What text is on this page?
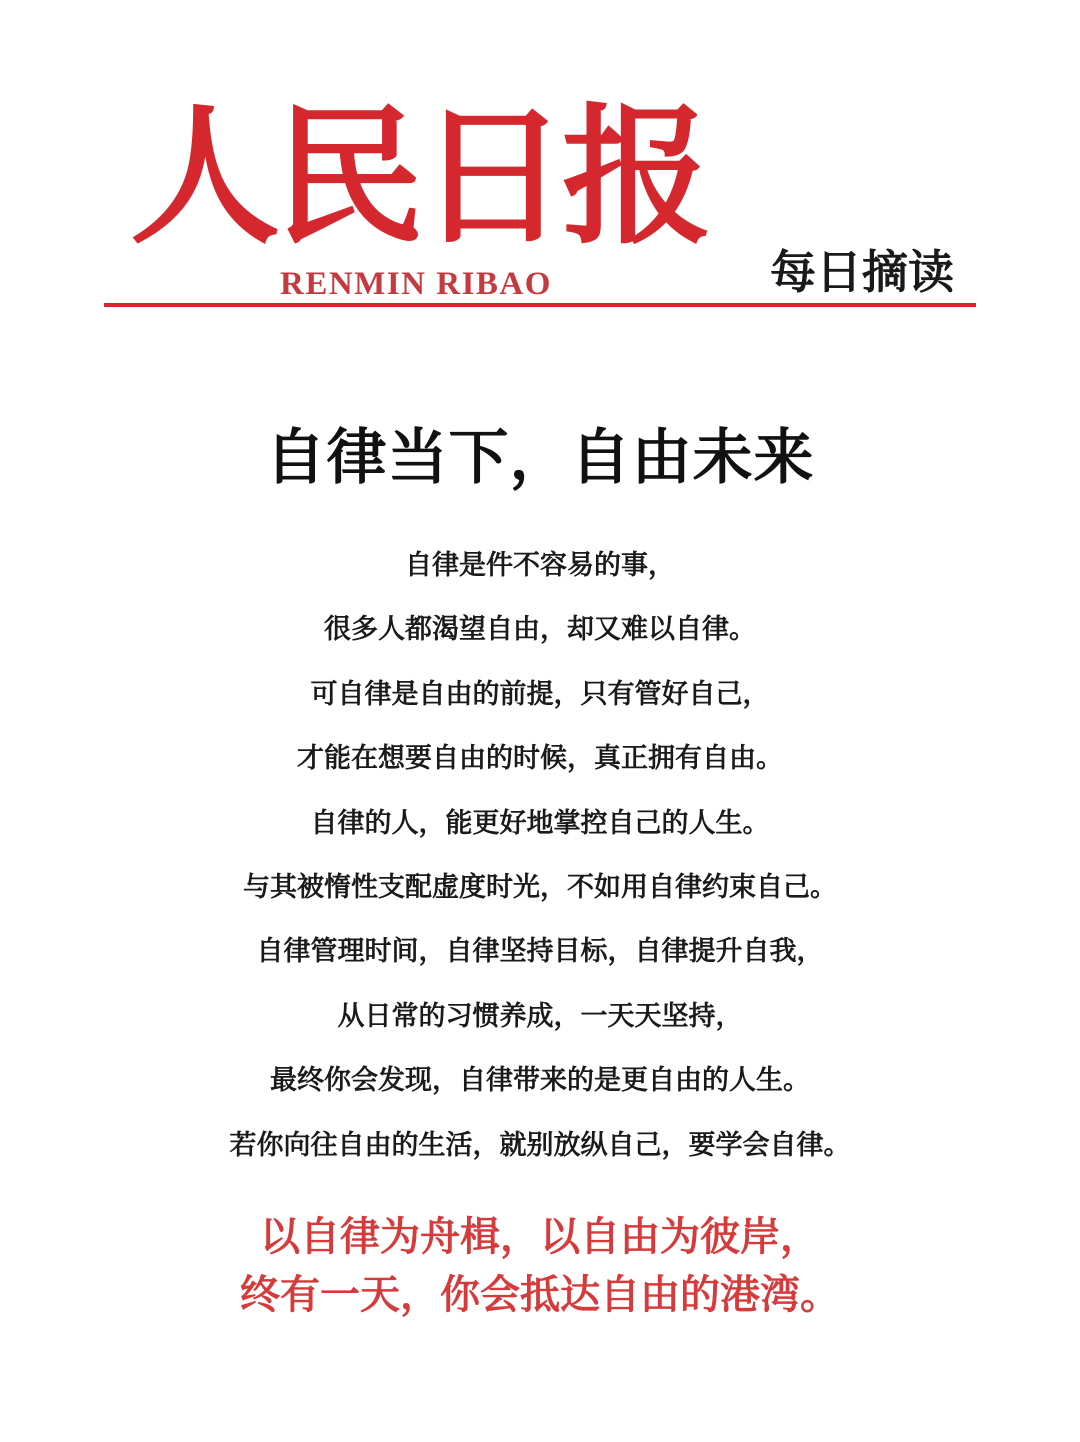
人民日报
RENMIN RIBAO	每日摘读
自律当下，自由未来
自律是件不容易的事，
很多人都渴望自由，却又难以自律。
可自律是自由的前提，只有管好自己，
才能在想要自由的时候，真正拥有自由。
自律的人，能更好地掌控自己的人生。
与其被惰性支配虚度时光，不如用自律约束自己。
自律管理时间，自律坚持目标，自律提升自我，
从日常的习惯养成，一天天坚持，
最终你会发现，自律带来的是更自由的人生。
若你向往自由的生活，就别放纵自己，要学会自律。
以自律为舟楫，以自由为彼岸，
终有一天，你会抵达自由的港湾。
